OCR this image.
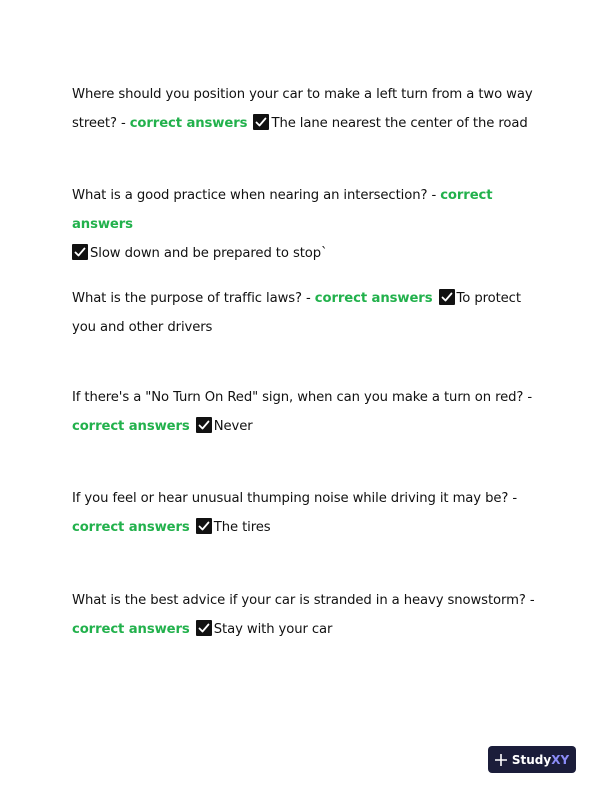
Where should you position your car to make a left turn from a two way street? - correct answers The lane nearest the center of the road
What is a good practice when nearing an intersection? - correct answers

Slow down and be prepared to stop`
What is the purpose of traffic laws? - correct answers To protect you and other drivers
If there's a "No Turn On Red" sign, when can you make a turn on red? - correct answers Never
If you feel or hear unusual thumping noise while driving it may be? - correct answers The tires
What is the best advice if your car is stranded in a heavy snowstorm? - correct answers Stay with your car
StudyXY
